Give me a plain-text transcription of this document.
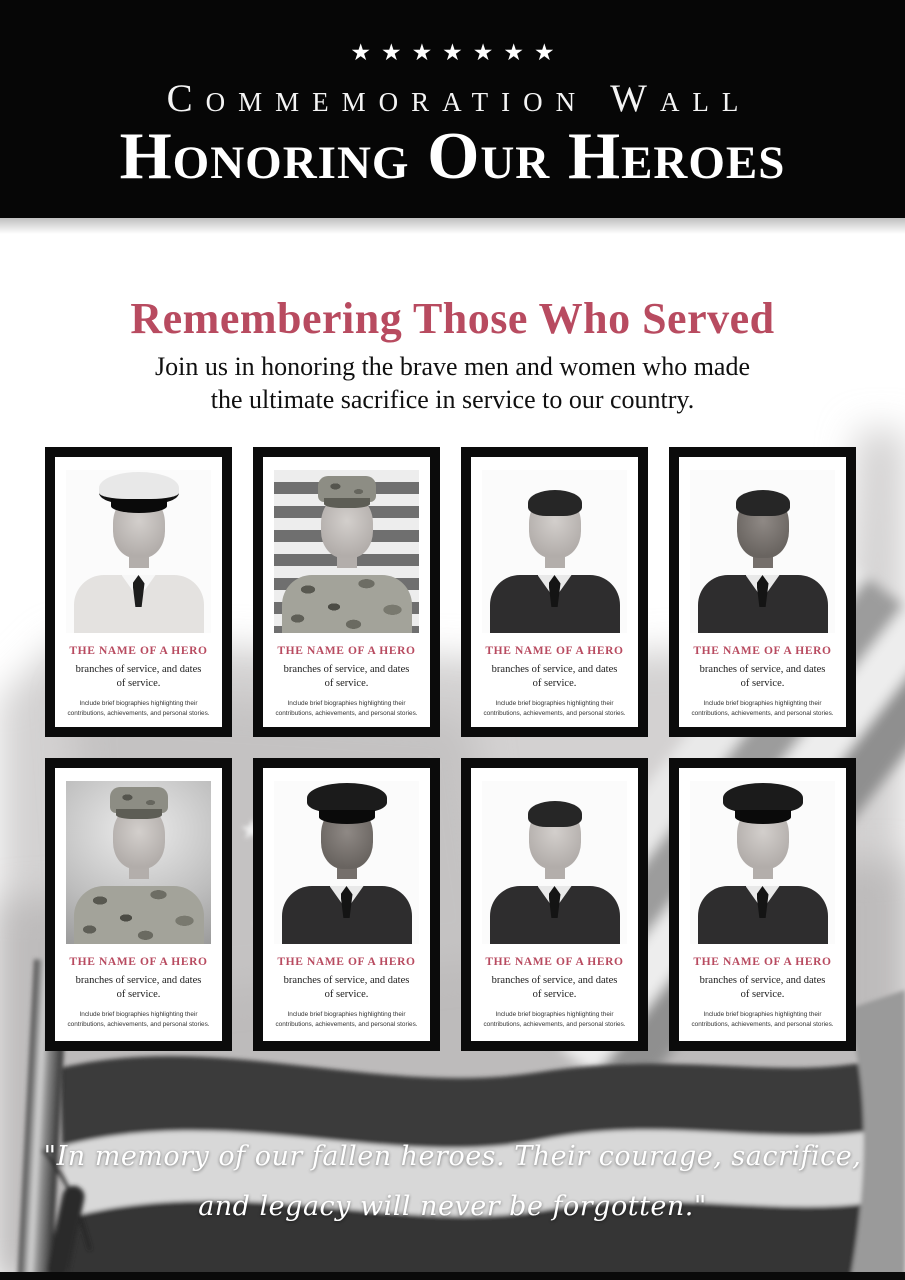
★★★★★★★
Commemoration Wall
Honoring Our Heroes
Remembering Those Who Served

Join us in honoring the brave men and women who made
the ultimate sacrifice in service to our country.

THE NAME OF A HERO

branches of service, and dates
of service.

Include brief biographies highlighting their
contributions, achievements, and personal stories.

THE NAME OF A HERO

branches of service, and dates
of service.

Include brief biographies highlighting their
contributions, achievements, and personal stories.

THE NAME OF A HERO

branches of service, and dates
of service.

Include brief biographies highlighting their
contributions, achievements, and personal stories.

THE NAME OF A HERO

branches of service, and dates
of service.

Include brief biographies highlighting their
contributions, achievements, and personal stories.

THE NAME OF A HERO

branches of service, and dates
of service.

Include brief biographies highlighting their
contributions, achievements, and personal stories.

THE NAME OF A HERO

branches of service, and dates
of service.

Include brief biographies highlighting their
contributions, achievements, and personal stories.

THE NAME OF A HERO

branches of service, and dates
of service.

Include brief biographies highlighting their
contributions, achievements, and personal stories.

THE NAME OF A HERO

branches of service, and dates
of service.

Include brief biographies highlighting their
contributions, achievements, and personal stories.

"In memory of our fallen heroes. Their courage, sacrifice,
and legacy will never be forgotten."
